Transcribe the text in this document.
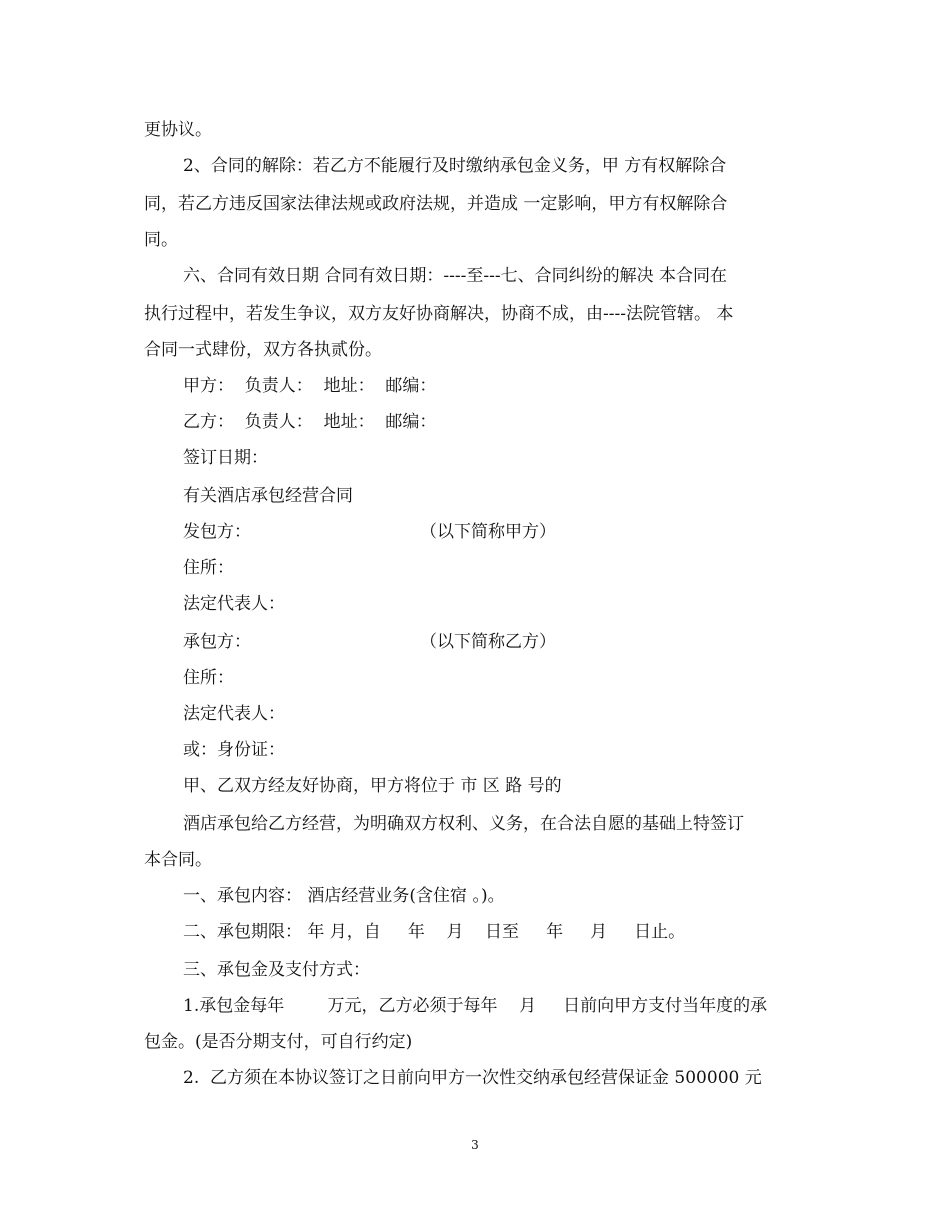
更协议。
2、合同的解除：若乙方不能履行及时缴纳承包金义务，甲 方有权解除合
同，若乙方违反国家法律法规或政府法规，并造成 一定影响，甲方有权解除合
同。
六、合同有效日期 合同有效日期：----至---七、合同纠纷的解决 本合同在
执行过程中，若发生争议，双方友好协商解决，协商不成，由----法院管辖。 本
合同一式肆份，双方各执贰份。
甲方：  负责人：  地址：  邮编：
乙方：  负责人：  地址：  邮编：
签订日期：
有关酒店承包经营合同
发包方：	（以下简称甲方）
住所：
法定代表人：
承包方：	（以下简称乙方）
住所：
法定代表人：
或：身份证：
甲、乙双方经友好协商，甲方将位于 市 区 路 号的
酒店承包给乙方经营，为明确双方权利、义务，在合法自愿的基础上特签订
本合同。
一、承包内容： 酒店经营业务(含住宿 。)。
二、承包期限： 年 月，自     年    月    日至     年     月     日止。
三、承包金及支付方式：
1.承包金每年        万元，乙方必须于每年    月     日前向甲方支付当年度的承
包金。(是否分期支付，可自行约定)
2.  乙方须在本协议签订之日前向甲方一次性交纳承包经营保证金 500000 元
3
